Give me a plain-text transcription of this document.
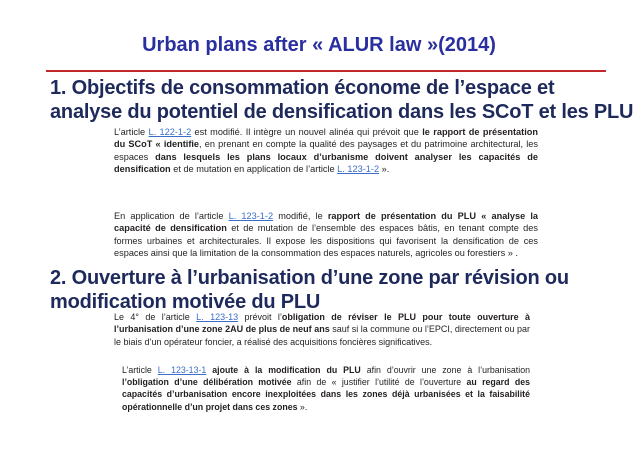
Urban plans after « ALUR law »(2014)
1. Objectifs de consommation économe de l’espace et
analyse du potentiel de densification dans les SCoT et les PLU

L’article L. 122-1-2 est modifié. Il intègre un nouvel alinéa qui prévoit que le rapport de présentation du SCoT « identifie, en prenant en compte la qualité des paysages et du patrimoine architectural, les espaces dans lesquels les plans locaux d’urbanisme doivent analyser les capacités de densification et de mutation en application de l’article L. 123-1-2 ».

En application de l’article L. 123-1-2 modifié, le rapport de présentation du PLU « analyse la capacité de densification et de mutation de l’ensemble des espaces bâtis, en tenant compte des formes urbaines et architecturales. Il expose les dispositions qui favorisent la densification de ces espaces ainsi que la limitation de la consommation des espaces naturels, agricoles ou forestiers » .

2. Ouverture à l’urbanisation d’une zone par révision ou
modification motivée du PLU

Le 4° de l’article L. 123-13 prévoit l’obligation de réviser le PLU pour toute ouverture à l’urbanisation d’une zone 2AU de plus de neuf ans sauf si la commune ou l’EPCI, directement ou par le biais d’un opérateur foncier, a réalisé des acquisitions foncières significatives.

L’article L. 123-13-1 ajoute à la modification du PLU afin d’ouvrir une zone à l’urbanisation l’obligation d’une délibération motivée afin de « justifier l’utilité de l’ouverture au regard des capacités d’urbanisation encore inexploitées dans les zones déjà urbanisées et la faisabilité opérationnelle d’un projet dans ces zones ».
